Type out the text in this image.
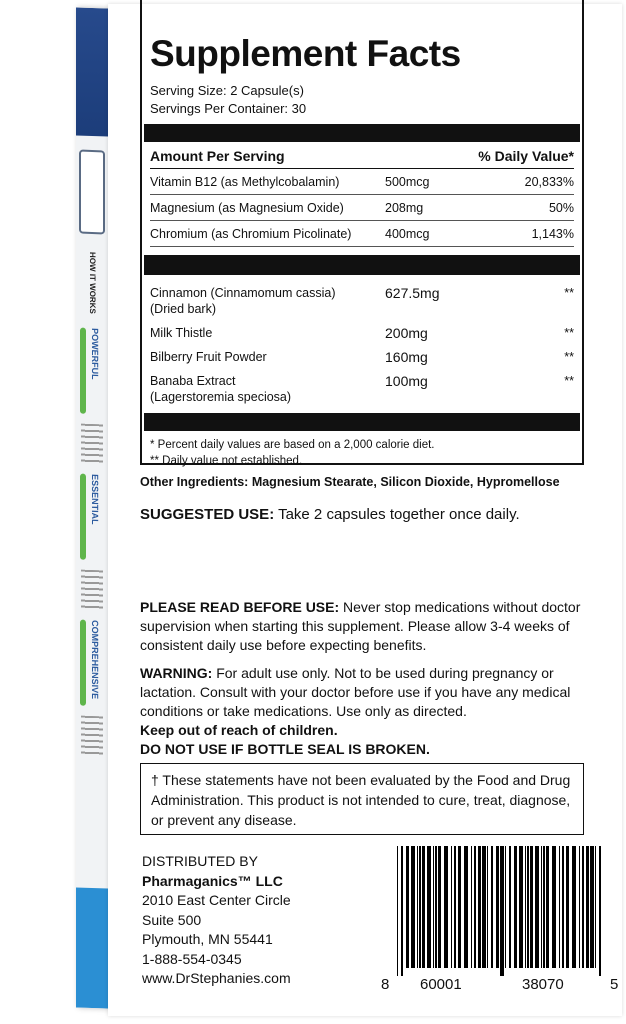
HOW IT WORKS
POWERFUL
ESSENTIAL
COMPREHENSIVE
Supplement Facts
Serving Size: 2 Capsule(s)
Servings Per Container: 30
Amount Per Serving	% Daily Value*
Vitamin B12 (as Methylcobalamin)	500mcg	20,833%
Magnesium (as Magnesium Oxide)	208mg	50%
Chromium (as Chromium Picolinate)	400mcg	1,143%
Cinnamon (Cinnamomum cassia)
(Dried bark)
627.5mg	**
Milk Thistle	200mg	**
Bilberry Fruit Powder	160mg	**
Banaba Extract
(Lagerstoremia speciosa)
100mg	**
* Percent daily values are based on a 2,000 calorie diet.
** Daily value not established.
Other Ingredients: Magnesium Stearate, Silicon Dioxide, Hypromellose
SUGGESTED USE: Take 2 capsules together once daily.
PLEASE READ BEFORE USE: Never stop medications without doctor supervision when starting this supplement. Please allow 3-4 weeks of consistent daily use before expecting benefits.
WARNING: For adult use only. Not to be used during pregnancy or lactation. Consult with your doctor before use if you have any medical conditions or take medications. Use only as directed.
Keep out of reach of children.
DO NOT USE IF BOTTLE SEAL IS BROKEN.
† These statements have not been evaluated by the Food and Drug Administration. This product is not intended to cure, treat, diagnose, or prevent any disease.
DISTRIBUTED BY
Pharmaganics™ LLC
2010 East Center Circle
Suite 500
Plymouth, MN 55441
1-888-554-0345
www.DrStephanies.com	8 60001	38070	5
